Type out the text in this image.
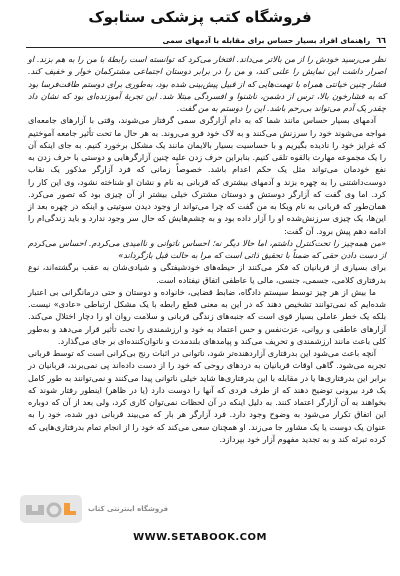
فروشگاه کتب پزشکی ستابوک
٦٦
راهنمای افراد بسیار حساس برای مقابله با آدمهای سمی

نظر می‌رسید خودش را از من بالاتر می‌داند. افتخار می‌کرد که توانسته است رابطهٔ با من را به هم بزند. او اصرار داشت این نمایش را علنی کند، و من را در برابر دوستان اجتماعی مشترکمان خوار و خفیف کند. فشار چنین خیانتی همراه با تهمت‌هایی که از قبیل پیش‌بینی شده بود، به‌طوری برای دوستم طاقت‌فرسا بود که به فشارخون بالا، ترس از دشمن، ناشنوا و افسردگی مبتلا شد. این تجربهٔ آموزنده‌ای بود که نشان داد چقدر یک آدم می‌تواند بی‌رحم باشد. این را دوستم به من گفت.

آدمهای بسیار حساس مانند شما که به دام آزارگری سمی گرفتار می‌شوند، وقتی با آزارهای جامعه‌ای مواجه می‌شوند خود را سرزنش می‌کنند و به لاک خود فرو می‌روند. به هر حال ما تحت تأثیر جامعه آموختیم که غرایز خود را نادیده بگیریم و با حساسیت بسیار بالایمان مانند یک مشکل برخورد کنیم. به جای اینکه آن را یک مجموعه مهارت بالقوه تلقی کنیم. بنابراین حرف زدن علیه چنین آزارگرهایی و دوستی با حرف زدن به نفع خودمان می‌تواند مثل یک حکم اعدام باشد. خصوصاً زمانی که فرد آزارگر مذکور یک نقاب دوست‌داشتنی را به چهره بزند و آدمهای بیشتری که قربانی به نام و نشان او شناخته نشود، وی این کار را کرد. اما وی گفت که آزارگر دوستش و دوستان مشترک خیلی بیشتر از آن چیزی بود که تصور می‌کرد. همان‌طور که قربانی به نام ویکا به من گفت که چرا می‌تواند از وجود دیدن سوتیتی و اینکه در چهره بعد از این‌ها، یک چیزی سرزنش‌شده او را آزار داده بود و به چشم‌هایش که حال سر وجود ندارد و باید زندگی‌ام را ادامه دهم پیش برود. آن گفت:

«من همه‌چیز را تحت‌کنترل داشتم، اما حالا دیگر نه؛ احساس ناتوانی و ناامیدی می‌کردم. احساس می‌کردم از دست دادن حقی که ضمناً با تحقیق ذاتی است که مرا به حالت قبل بازگرداند»

برای بسیاری از قربانیان که فکر می‌کنند از حیطه‌های خودشیفتگی و شیادی‌شان به عقب برگشته‌اند، نوع بدرفتاری کلامی، جسمی، جنسی، مالی یا عاطفی اتفاق نیفتاده است.

ما بیش از هر چیز توسط سیستم دادگاه، ضابط قضایی، خانواده و دوستان و حتی درمانگرانی بی اعتبار شده‌ایم که نمی‌توانند تشخیص دهند که در این به معنی قطع رابطه با یک مشکل ارتباطی «عادی» نیست. بلکه یک خطر عاملی بسیار قوی است که جنبه‌های زندگی قربانی و سلامت روان او را دچار اختلال می‌کند. آزارهای عاطفی و روانی، عزت‌نفس و حس اعتماد به خود و ارزشمندی را تحت تأثیر قرار می‌دهد و به‌طور کلی باعث مانند ارزشمندی و تحریف می‌کند و پیامدهای بلندمدت و ناتوان‌کننده‌ای بر جای می‌گذارد.

آنچه باعث می‌شود این بدرفتاری آزاردهنده‌تر شود، ناتوانی در اثبات رنج بی‌کرانی است که توسط قربانی تجربه می‌شود. گاهی اوقات قربانیان به دردهای روحی که خود را از دست داده‌اند پی نمی‌برند، قربانیان در برابر این بدرفتاری‌ها یا در مقابله با این بدرفتاری‌ها شاید خیلی ناتوانی پیدا می‌کنند و نمی‌توانند به طور کامل یک فرد بیرونی توضیح دهند که از طرف فردی که آنها را دوست دارد (یا در ظاهر) اینطور رفتار شوند که بخواهند به آن آزارگر اعتماد کنند. به دلیل اینکه در آن لحظات نمی‌توان کاری کرد، ولی بعد از آن که دوباره این اتفاق تکرار می‌شود به وضوح وجود دارد. فرد آزارگر هر بار که می‌بیند قربانی دور شده، خود را به عنوان یک دوست یا یک مشاور جا می‌زند. او همچنان سعی می‌کند که خود را از انجام تمام بدرفتاری‌هایی که کرده تبرئه کند و به تجدید مفهوم آزار خود بپردازد.

فروشگاه اینترنتی کتاب
WWW.SETABOOK.COM
